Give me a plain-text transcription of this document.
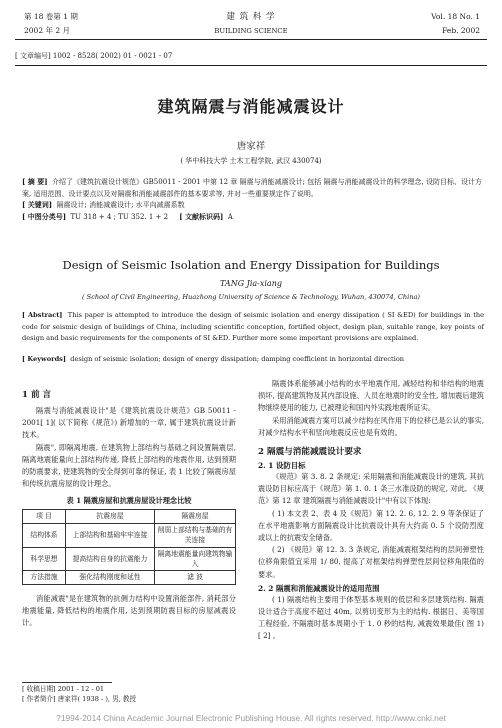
第 18 卷第 1 期
2002 年 2 月
建 筑 科 学
BUILDING SCIENCE
Vol. 18 No. 1
Feb. 2002
[ 文章编号] 1002 - 8528( 2002) 01 - 0021 - 07
建筑隔震与消能减震设计
唐家祥
( 华中科技大学 土木工程学院, 武汉 430074)
[ 摘 要] 介绍了《建筑抗震设计规范》GB50011 - 2001 中第 12 章 隔震与消能减震设计; 包括 隔震与消能减震设计的科学理念, 设防目标、设计方案, 适用范围、设计要点以及对隔震和消能减震部件的基本要求等, 并对一些重要规定作了说明。
[ 关键词] 隔震设计; 消能减震设计; 水平向减震系数
[ 中图分类号] TU 318 + 4 ; TU 352. 1 + 2 [ 文献标识码] A
Design of Seismic Isolation and Energy Dissipation for Buildings
TANG Jia-xiang
( School of Civil Engineering, Huazhong University of Science & Technology, Wuhan, 430074, China)
[ Abstract] This paper is attempted to introduce the design of seismic isolation and energy dissipation ( SI &ED) for buildings in the code for seismic design of buildings of China, including scientific conception, fortified object, design plan, suitable range, key points of design and basic requirements for the components of SI &ED. Further more some important provisions are explained.
[ Keywords] design of seismic isolation; design of energy dissipation; damping coefficient in horizontal direction
1 前 言
隔震与消能减震设计"是《建筑抗震设计规范》GB 50011 - 2001[ 1]( 以下简称《规范》) 新增加的一章, 属于建筑抗震设计新技术。
隔震", 即隔离地震, 在建筑物上部结构与基础之间设置隔震层, 隔离地震能量向上部结构传递, 降低上部结构的地震作用, 达到预期的防震要求, 使建筑物的安全得到可靠的保证, 表 1 比较了隔震房屋和传统抗震房屋的设计理念。
表 1 隔震房屋和抗震房屋设计理念比较
项 目	抗震房屋	隔震房屋
结构体系	上部结构和基础牢牢连接	削弱上部结构与基础的有关连接
科学思想	提高结构自身的抗震能力	隔离地震能量向建筑物输入
方法措施	强化结构刚度和延性	滤 波
消能减震"是在建筑物的抗侧力结构中设置消能部件, 消耗部分地震能量, 降低结构的地震作用, 达到预期防震目标的房屋减震设计。
[ 收稿日期] 2001 - 12 - 01
[ 作者简介] 唐家祥( 1938 - ), 男, 教授
隔震体系能够减小结构的水平地震作用, 减轻结构和非结构的地震损坏, 提高建筑物及其内部设施、人员在地震时的安全性, 增加震后建筑物继续使用的能力, 已被理论和国内外实践地震所证实。
采用消能减震方案可以减少结构在风作用下的位移已是公认的事实, 对减少结构水平和竖向地震反应也是有效的。
2 隔震与消能减震设计要求
2. 1 设防目标
《规范》第 3. 8. 2 条规定: 采用隔震和消能减震设计的建筑, 其抗震设防目标应高于《规范》第 1. 0. 1 条三水准设防的规定, 对此, 《规范》第 12 章 建筑隔震与消能减震设计"中有以下体现:
( 1) 本文表 2、表 4 及《规范》第 12. 2. 6, 12. 2. 9 等条保证了在水平地震影响方面隔震设计比抗震设计具有大约高 0. 5 个设防烈度或以上的抗震安全储备。
( 2) 《规范》第 12. 3. 3 条规定, 消能减震框架结构的层间弹塑性位移角限值宜采用 1/ 80, 提高了对框架结构弹塑性层间位移角限值的要求。
2. 2 隔震和消能减震设计的适用范围
( 1) 隔震结构主要用于体型基本规则的低层和多层建筑结构. 隔震设计适合于高度不超过 40m, 以剪切变形为主的结构. 根据日、美等国工程经验, 不隔震时基本周期小于 1. 0 秒的结构, 减震效果最佳( 图 1) [ 2] 。
?1994-2014 China Academic Journal Electronic Publishing House. All rights reserved. http://www.cnki.net
